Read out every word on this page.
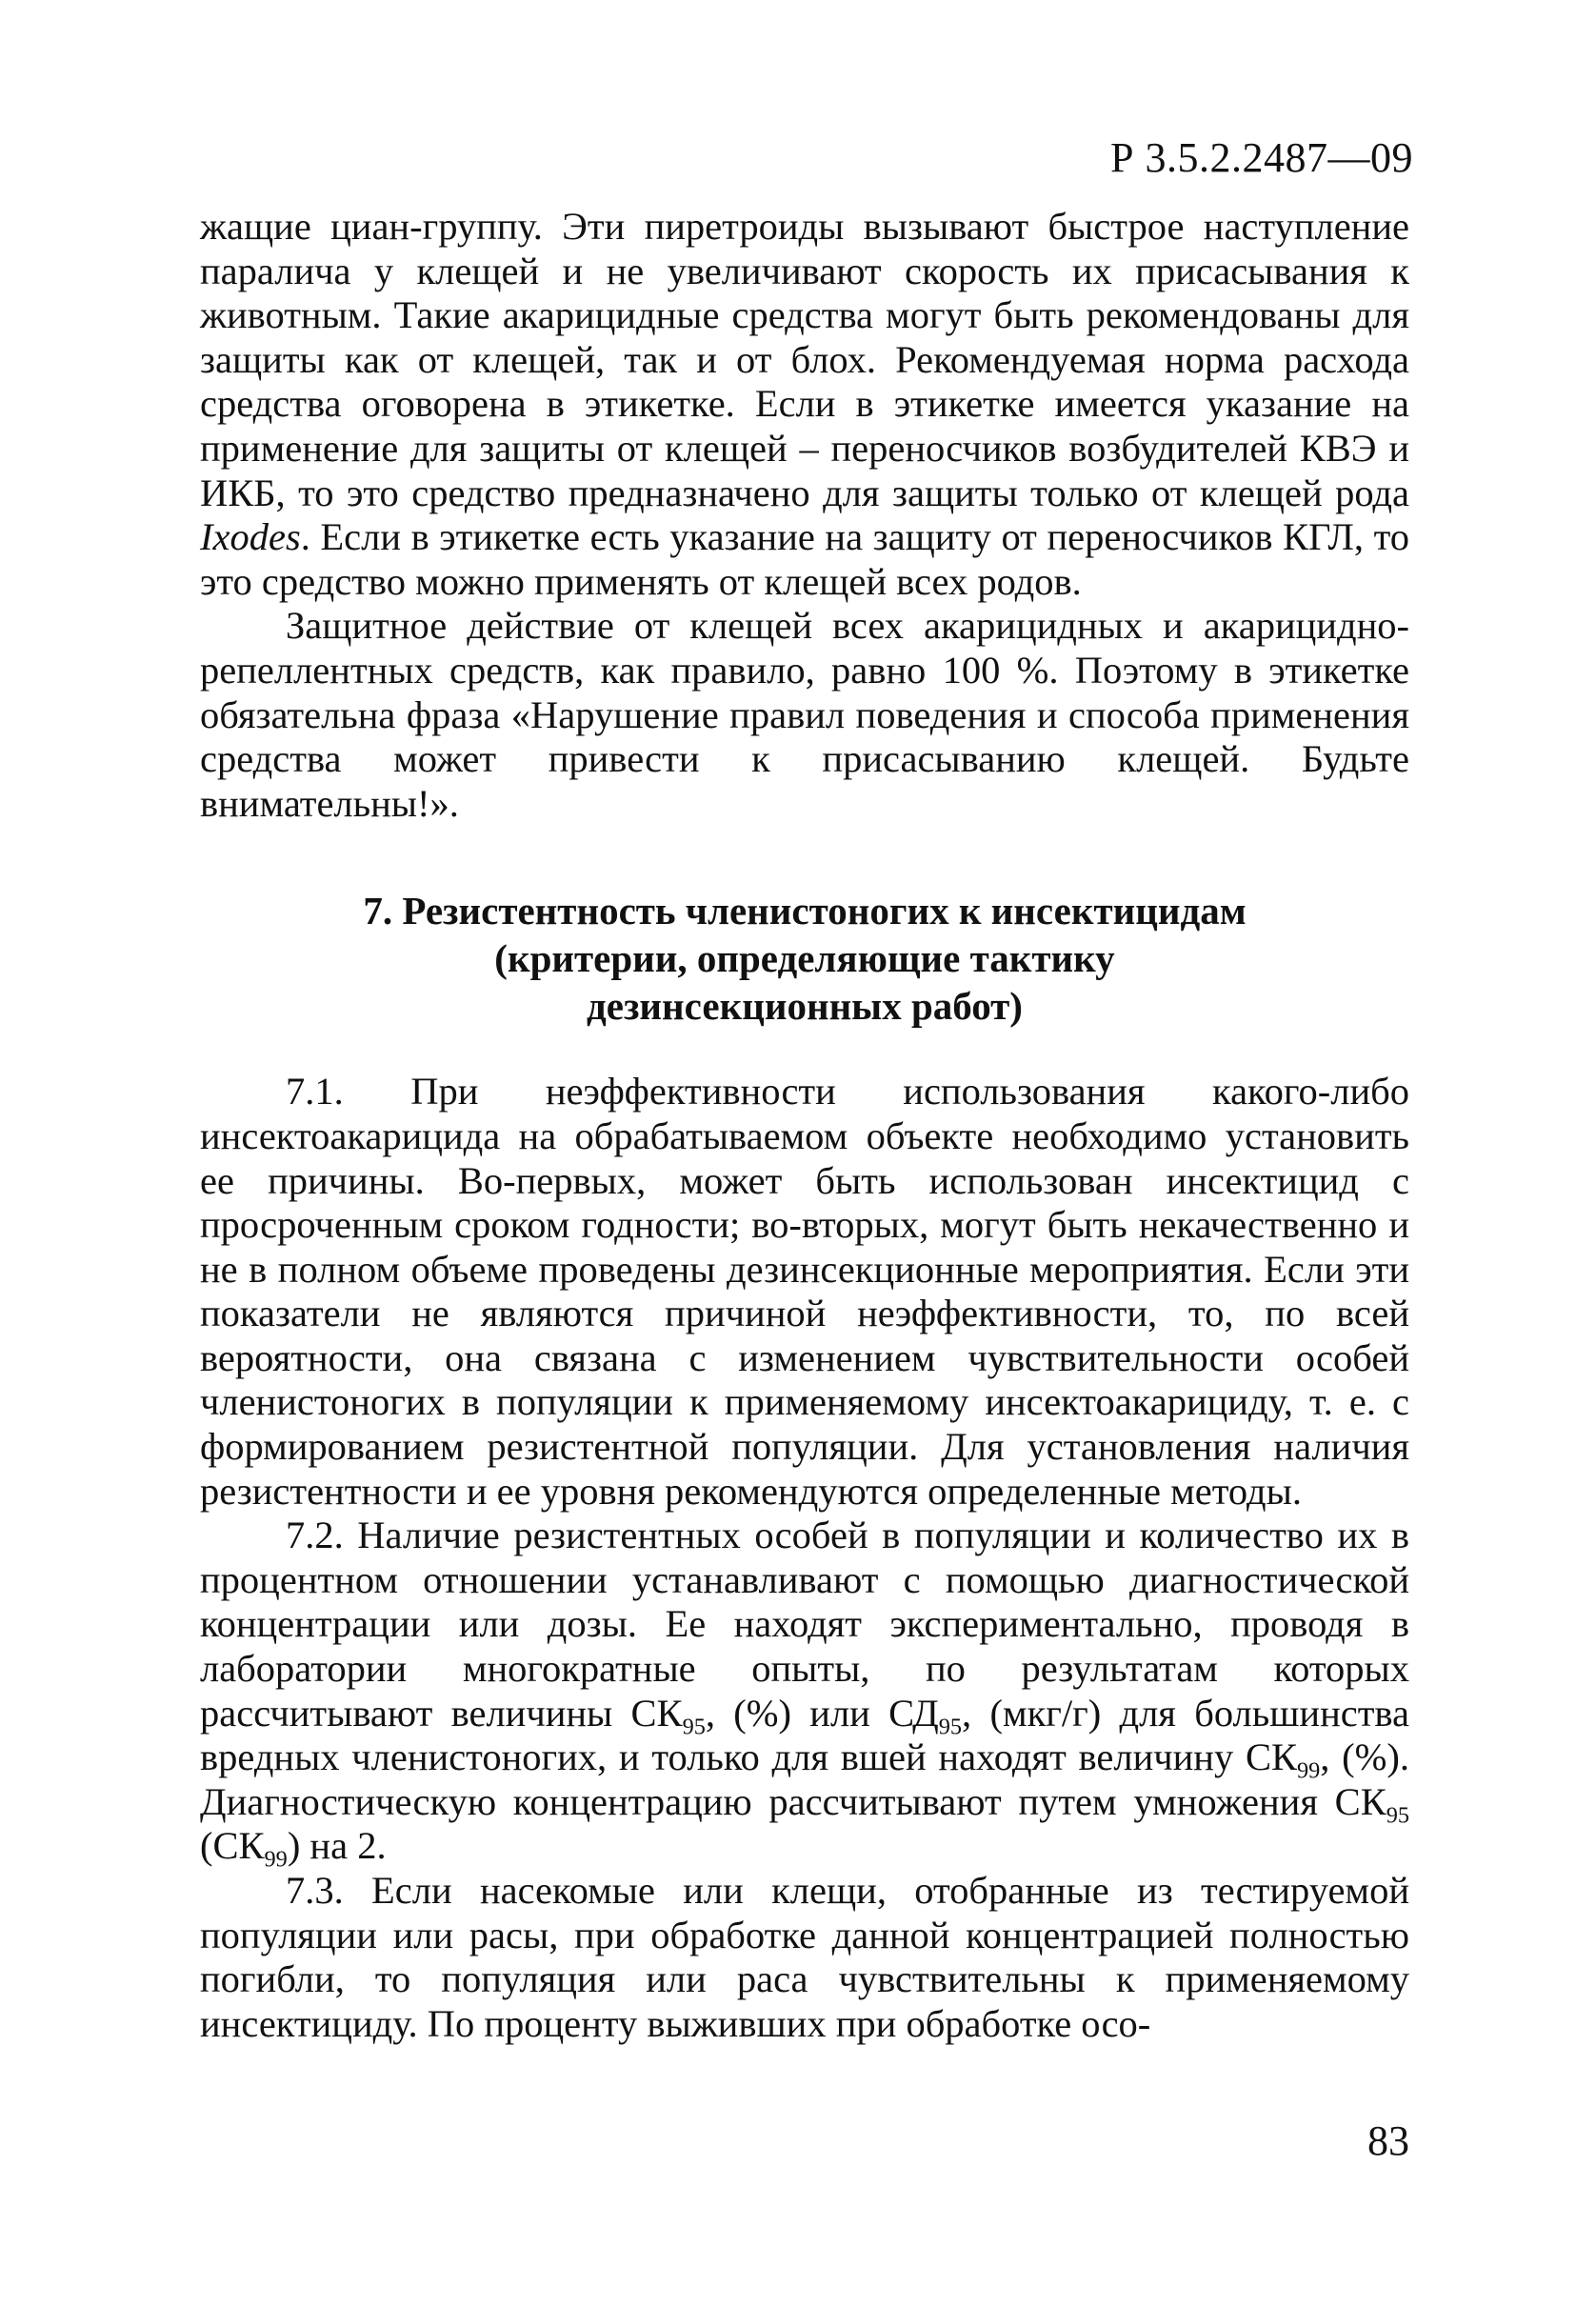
Р 3.5.2.2487—09

жащие циан-группу. Эти пиретроиды вызывают быстрое наступление паралича у клещей и не увеличивают скорость их присасывания к животным. Такие акарицидные средства могут быть рекомендованы для защиты как от клещей, так и от блох. Рекомендуемая норма расхода средства оговорена в этикетке. Если в этикетке имеется указание на применение для защиты от клещей – переносчиков возбудителей КВЭ и ИКБ, то это средство предназначено для защиты только от клещей рода Ixodes. Если в этикетке есть указание на защиту от переносчиков КГЛ, то это средство можно применять от клещей всех родов.

Защитное действие от клещей всех акарицидных и акарицидно-репеллентных средств, как правило, равно 100 %. Поэтому в этикетке обязательна фраза «Нарушение правил поведения и способа применения средства может привести к присасыванию клещей. Будьте внимательны!».

7. Резистентность членистоногих к инсектицидам
(критерии, определяющие тактику
дезинсекционных работ)

7.1. При неэффективности использования какого-либо инсектоакарицида на обрабатываемом объекте необходимо установить ее причины. Во-первых, может быть использован инсектицид с просроченным сроком годности; во-вторых, могут быть некачественно и не в полном объеме проведены дезинсекционные мероприятия. Если эти показатели не являются причиной неэффективности, то, по всей вероятности, она связана с изменением чувствительности особей членистоногих в популяции к применяемому инсектоакарициду, т. е. с формированием резистентной популяции. Для установления наличия резистентности и ее уровня рекомендуются определенные методы.

7.2. Наличие резистентных особей в популяции и количество их в процентном отношении устанавливают с помощью диагностической концентрации или дозы. Ее находят экспериментально, проводя в лаборатории многократные опыты, по результатам которых рассчитывают величины $СК_{95}$, (%) или $СД_{95}$, (мкг/г) для большинства вредных членистоногих, и только для вшей находят величину $СК_{99}$, (%). Диагностическую концентрацию рассчитывают путем умножения $СК_{95}$ $(СК_{99})$ на 2.

7.3. Если насекомые или клещи, отобранные из тестируемой популяции или расы, при обработке данной концентрацией полностью погибли, то популяция или раса чувствительны к применяемому инсектициду. По проценту выживших при обработке осо-

83
